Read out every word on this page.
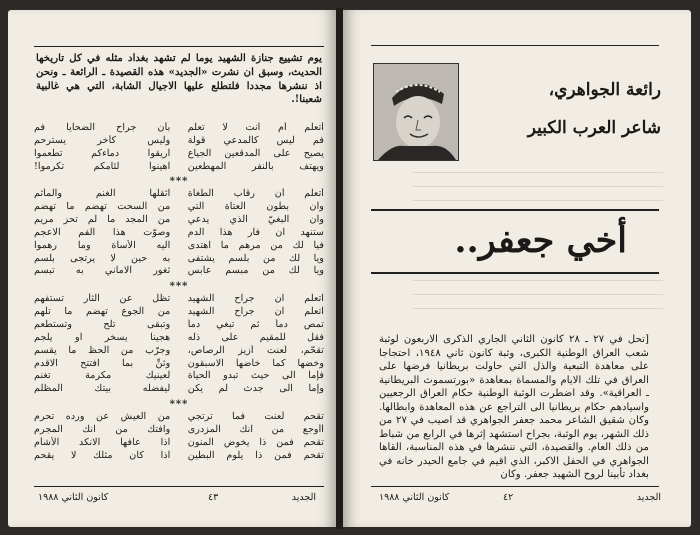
يوم تشييع جنازة الشهيد يوما لم تشهد بغداد مثله في كل تاريخها الحديث، وسبق ان نشرت «الجديد» هذه القصيدة ـ الرائعة ـ ونحن اذ ننشرها مجددا فلتطلع عليها الاجيال الشابة، التي هي غالبية شعبنا!.
أتعلم أم انت لا تعلم
بأن جراح الضحايا فم
فم ليس كالمدعي قولة
وليس كآخر يسترحم
يصيح على المدقعين الجياع
اريقوا دماءكم تطعموا
ويهتف بالنفر المهطعين
اهينوا لئامكم تكرموا!
***
أتعلم أن رقاب الطغاة
اثقلها الغنم والمأثم
وان بطون العتاة التي
من السحت تهضم ما تهضم
وان البغيّ الذي يدعي
من المجد ما لم تحز مريم
ستنهد ان فار هذا الدم
وصوّت هذا الفم الاعجم
فيا لك من مرهم ما اهتدى
اليه الأساة وما رهموا
ويا لك من بلسم يشتفى
به حين لا يرتجى بلسم
ويا لك من مبسم عابس
ثغور الاماني به تبسم
***
اتعلم ان جراح الشهيد
تظل عن الثأر تستفهم
اتعلم ان جراح الشهيد
من الجوع تهضم ما تلهم
تمص دماً ثم تبغي دماً
وتبقى تلح وتستطعم
فقل للمقيم على ذله
هجينا يسخر او يلجم
تقحّم، لُعنت أزيز الرصاص،
وجرّب من الحظ ما يقسم
وخضها كما خاضها الاسبقون
وثنِّ بما افتتح الاقدم
فإما الى حيث تبدو الحياة
لعينيك مكرمة تغنم
وإما الى جدث لم يكن
ليفضله بيتك المظلم
***
تقحم لُعنت فما ترتجي
من العيش عن ورده تحرم
أأوجع من انك المزدرى
وافتك من انك المجرم
تقحم فمن ذا يخوض المنون
اذا عافها الانكد الأشأم
تقحم فمن ذا يلوم البطين
اذا كان مثلك لا يقحم
كانون الثاني ١٩٨٨	٤٣	الجديد
رائعة الجواهري،
شاعر العرب الكبير
أخي جعفر..
[تحل في ٢٧ ـ ٢٨ كانون الثاني الجاري الذكرى الاربعون لوثبة شعب العراق الوطنية الكبرى، وثبة كانون ثاني ١٩٤٨، احتجاجا على معاهدة التبعية والذل التي حاولت بريطانيا فرضها على العراق في تلك الايام والمسماة بمعاهدة «بورتسموث البريطانية ـ العراقية». وقد اضطرت الوثبة الوطنية حكام العراق الرجعيين واسيادهم حكام بريطانيا الى التراجع عن هذه المعاهدة وابطالها. وكان شقيق الشاعر محمد جعفر الجواهري قد اصيب في ٢٧ من ذلك الشهر، يوم الوثبة، بجراح استشهد إثرها في الرابع من شباط من ذلك العام. والقصيدة، التي ننشرها في هذه المناسبة، القاها الجواهري في الحفل الاكبر، الذي اقيم في جامع الحيدر خانه في بغداد تأبينا لروح الشهيد جعفر. وكان
كانون الثاني ١٩٨٨	٤٢	الجديد
